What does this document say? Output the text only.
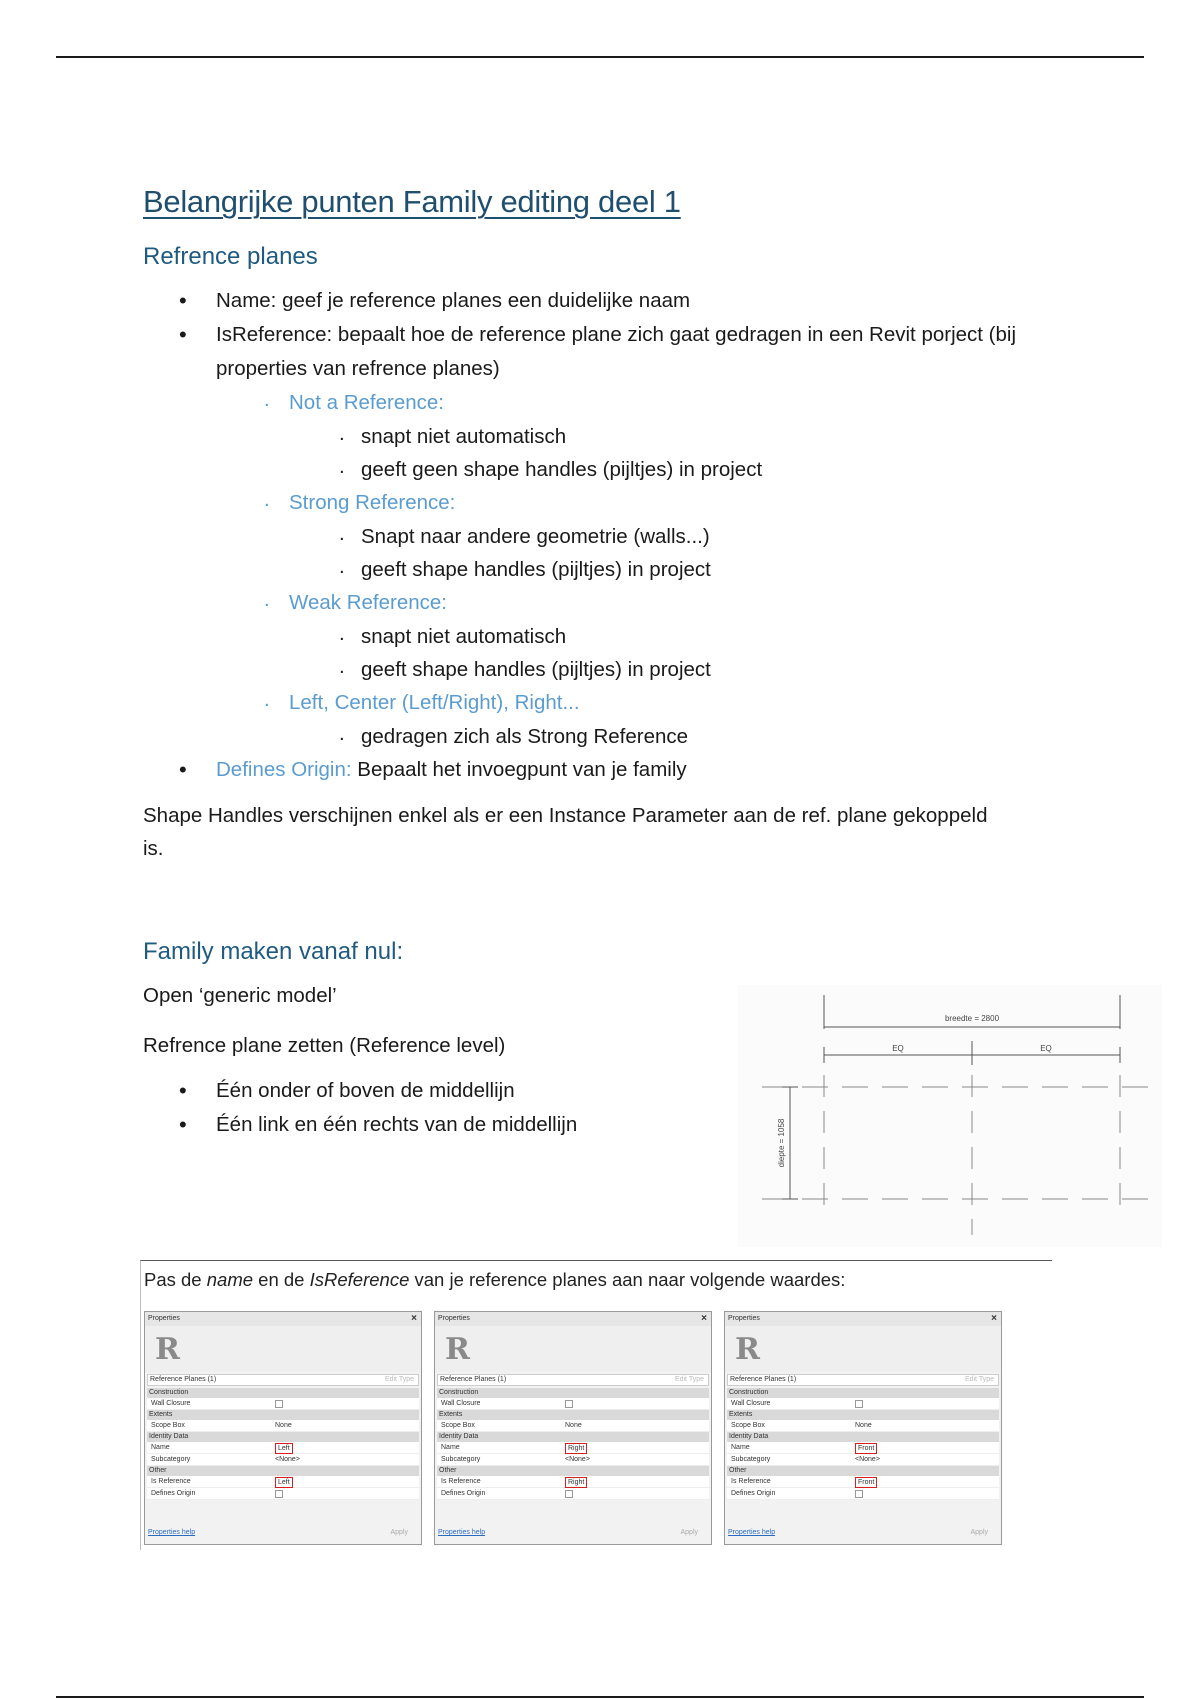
Belangrijke punten Family editing deel 1
Refrence planes
• Name: geef je reference planes een duidelijke naam
• IsReference: bepaalt hoe de reference plane zich gaat gedragen in een Revit porject (bij properties van refrence planes)
. Not a Reference:
. snapt niet automatisch
. geeft geen shape handles (pijltjes) in project
. Strong Reference:
. Snapt naar andere geometrie (walls...)
. geeft shape handles (pijltjes) in project
. Weak Reference:
. snapt niet automatisch
. geeft shape handles (pijltjes) in project
. Left, Center (Left/Right), Right...
. gedragen zich als Strong Reference
• Defines Origin: Bepaalt het invoegpunt van je family

Shape Handles verschijnen enkel als er een Instance Parameter aan de ref. plane gekoppeld is.

Family maken vanaf nul:

Open ‘generic model’

Refrence plane zetten (Reference level)

• Één onder of boven de middellijn
• Één link en één rechts van de middellijn
breedte = 2800
EQ	EQ
diepte = 1058
Pas de name en de IsReference van je reference planes aan naar volgende waardes:
Properties	×
R
Reference Planes (1)	Edit Type
Construction
Wall Closure
Extents
Scope Box	None
Identity Data
Name	Left
Subcategory	<None>
Other
Is Reference	Left
Defines Origin
Properties help	Apply
Properties	×
R
Reference Planes (1)	Edit Type
Construction
Wall Closure
Extents
Scope Box	None
Identity Data
Name	Right
Subcategory	<None>
Other
Is Reference	Right
Defines Origin
Properties help	Apply
Properties	×
R
Reference Planes (1)	Edit Type
Construction
Wall Closure
Extents
Scope Box	None
Identity Data
Name	Front
Subcategory	<None>
Other
Is Reference	Front
Defines Origin
Properties help	Apply
